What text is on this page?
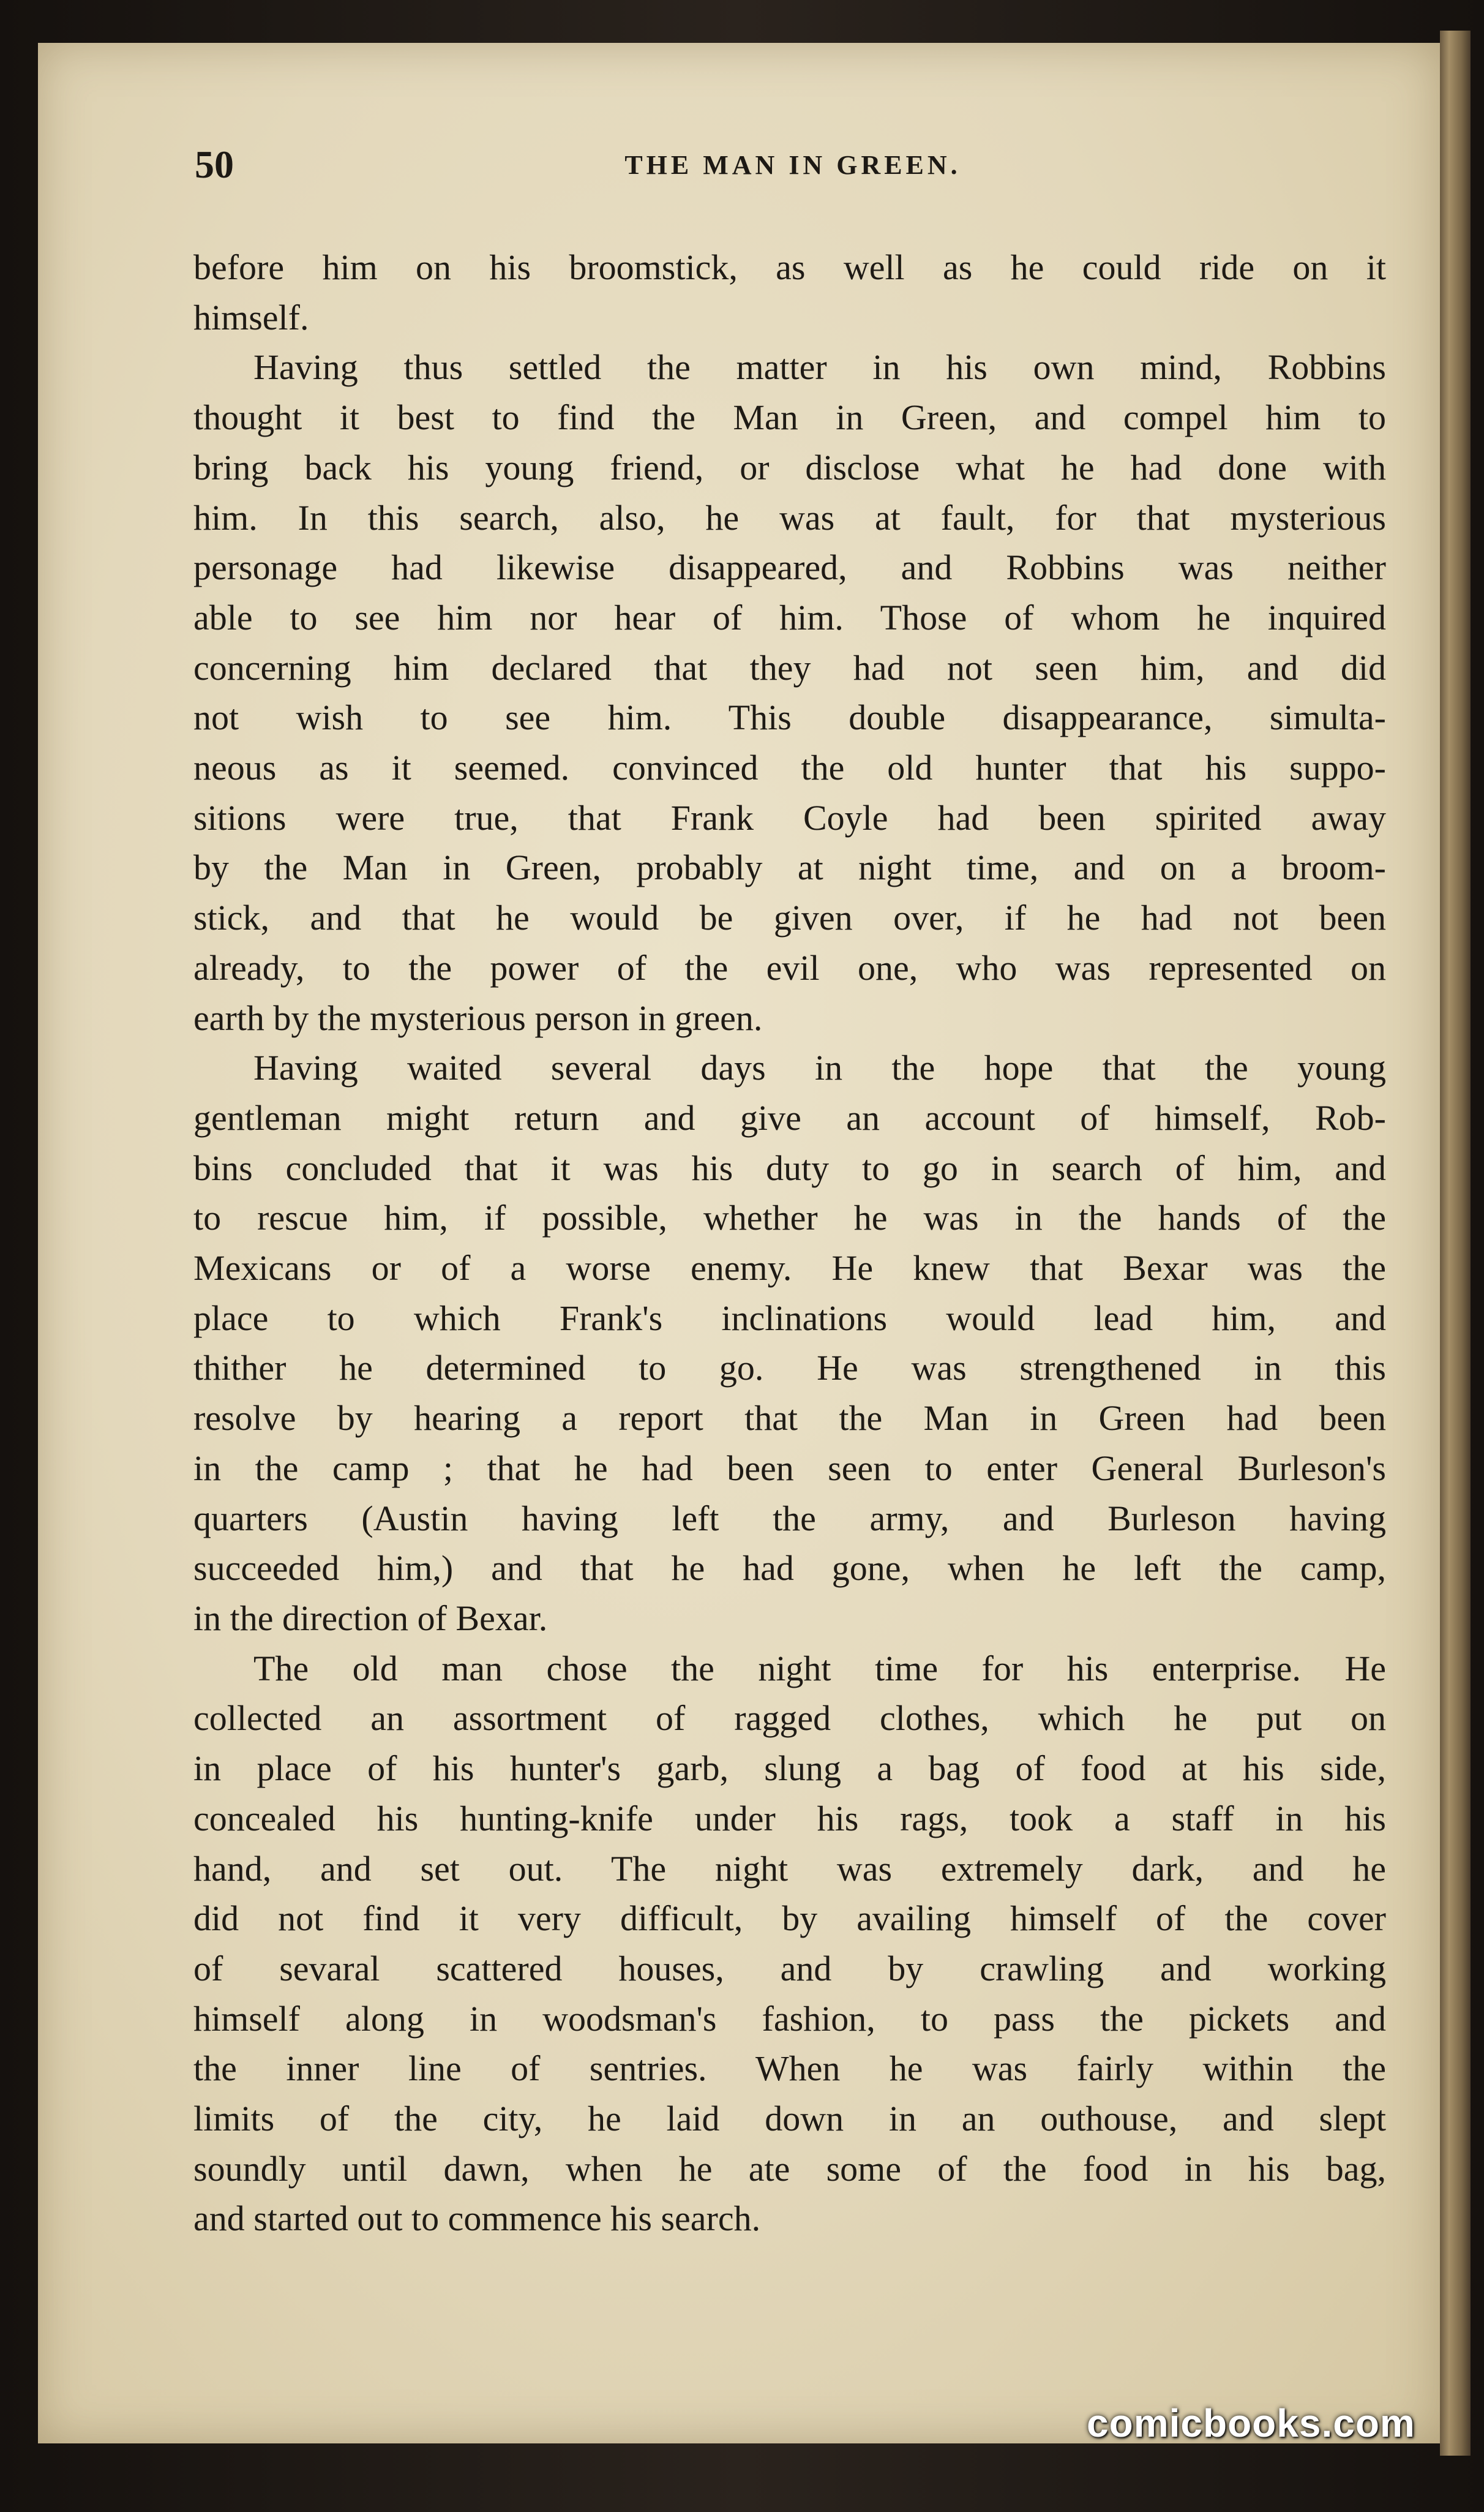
50	THE MAN IN GREEN.
before him on his broomstick, as well as he could ride on it
himself.
Having thus settled the matter in his own mind, Robbins
thought it best to find the Man in Green, and compel him to
bring back his young friend, or disclose what he had done with
him. In this search, also, he was at fault, for that mysterious
personage had likewise disappeared, and Robbins was neither
able to see him nor hear of him. Those of whom he inquired
concerning him declared that they had not seen him, and did
not wish to see him. This double disappearance, simulta-
neous as it seemed. convinced the old hunter that his suppo-
sitions were true, that Frank Coyle had been spirited away
by the Man in Green, probably at night time, and on a broom-
stick, and that he would be given over, if he had not been
already, to the power of the evil one, who was represented on
earth by the mysterious person in green.
Having waited several days in the hope that the young
gentleman might return and give an account of himself, Rob-
bins concluded that it was his duty to go in search of him, and
to rescue him, if possible, whether he was in the hands of the
Mexicans or of a worse enemy. He knew that Bexar was the
place to which Frank's inclinations would lead him, and
thither he determined to go. He was strengthened in this
resolve by hearing a report that the Man in Green had been
in the camp ; that he had been seen to enter General Burleson's
quarters (Austin having left the army, and Burleson having
succeeded him,) and that he had gone, when he left the camp,
in the direction of Bexar.
The old man chose the night time for his enterprise. He
collected an assortment of ragged clothes, which he put on
in place of his hunter's garb, slung a bag of food at his side,
concealed his hunting-knife under his rags, took a staff in his
hand, and set out. The night was extremely dark, and he
did not find it very difficult, by availing himself of the cover
of sevaral scattered houses, and by crawling and working
himself along in woodsman's fashion, to pass the pickets and
the inner line of sentries. When he was fairly within the
limits of the city, he laid down in an outhouse, and slept
soundly until dawn, when he ate some of the food in his bag,
and started out to commence his search.
comicbooks.com
